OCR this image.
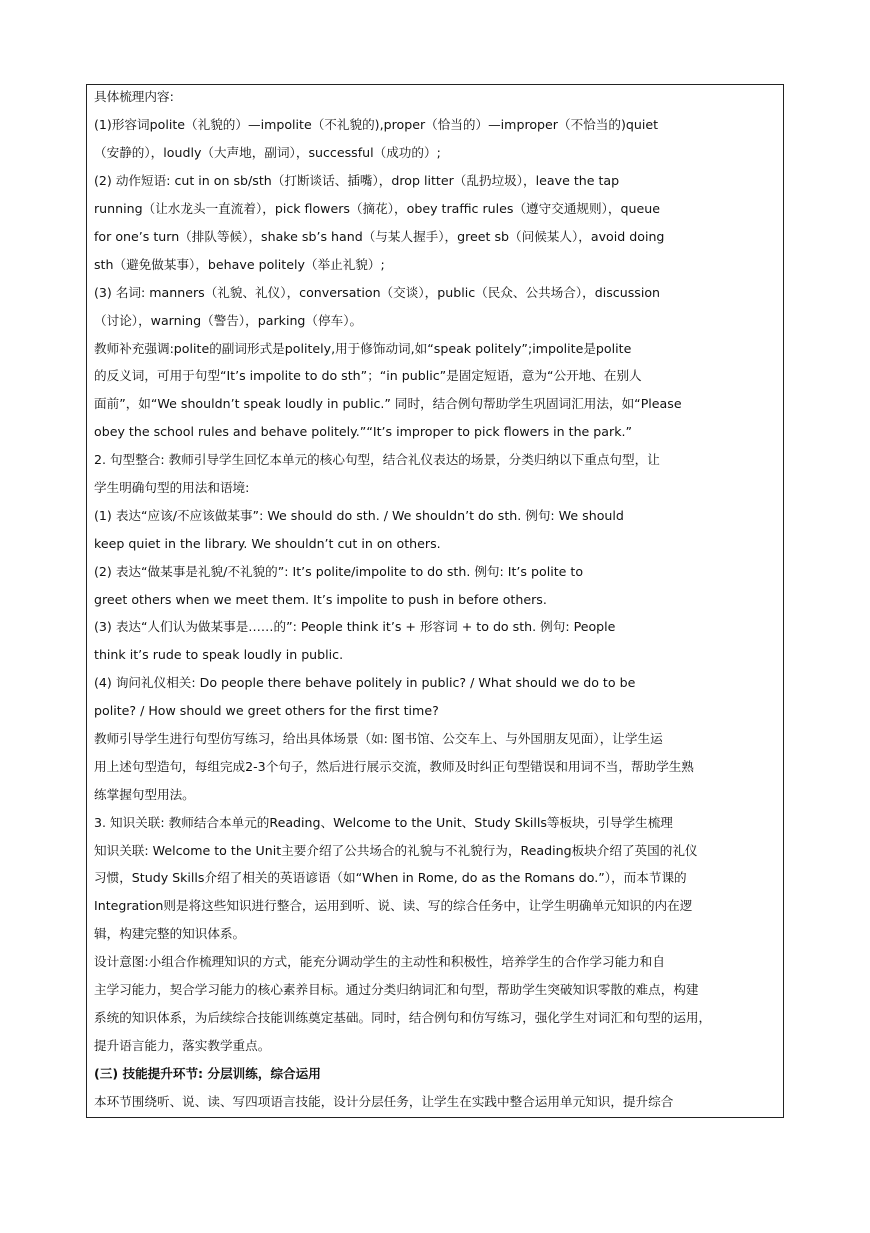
具体梳理内容:
(1)形容词polite（礼貌的）—impolite（不礼貌的),proper（恰当的）—improper（不恰当的)quiet
（安静的），loudly（大声地，副词），successful（成功的）;
(2) 动作短语: cut in on sb/sth（打断谈话、插嘴），drop litter（乱扔垃圾），leave the tap
running（让水龙头一直流着），pick flowers（摘花），obey traffic rules（遵守交通规则），queue
for one’s turn（排队等候），shake sb’s hand（与某人握手），greet sb（问候某人），avoid doing
sth（避免做某事），behave politely（举止礼貌）;
(3) 名词: manners（礼貌、礼仪），conversation（交谈），public（民众、公共场合），discussion
（讨论），warning（警告），parking（停车）。
教师补充强调:polite的副词形式是politely,用于修饰动词,如“speak politely”;impolite是polite
的反义词，可用于句型“It’s impolite to do sth”；“in public”是固定短语，意为“公开地、在别人
面前”，如“We shouldn’t speak loudly in public.” 同时，结合例句帮助学生巩固词汇用法，如“Please
obey the school rules and behave politely.”“It’s improper to pick flowers in the park.”
2. 句型整合: 教师引导学生回忆本单元的核心句型，结合礼仪表达的场景，分类归纳以下重点句型，让
学生明确句型的用法和语境:
(1) 表达“应该/不应该做某事”: We should do sth. / We shouldn’t do sth. 例句: We should
keep quiet in the library. We shouldn’t cut in on others.
(2) 表达“做某事是礼貌/不礼貌的”: It’s polite/impolite to do sth. 例句: It’s polite to
greet others when we meet them. It’s impolite to push in before others.
(3) 表达“人们认为做某事是……的”: People think it’s + 形容词 + to do sth. 例句: People
think it’s rude to speak loudly in public.
(4) 询问礼仪相关: Do people there behave politely in public? / What should we do to be
polite? / How should we greet others for the first time?
教师引导学生进行句型仿写练习，给出具体场景（如: 图书馆、公交车上、与外国朋友见面），让学生运
用上述句型造句，每组完成2-3个句子，然后进行展示交流，教师及时纠正句型错误和用词不当，帮助学生熟
练掌握句型用法。
3. 知识关联: 教师结合本单元的Reading、Welcome to the Unit、Study Skills等板块，引导学生梳理
知识关联: Welcome to the Unit主要介绍了公共场合的礼貌与不礼貌行为，Reading板块介绍了英国的礼仪
习惯，Study Skills介绍了相关的英语谚语（如“When in Rome, do as the Romans do.”），而本节课的
Integration则是将这些知识进行整合，运用到听、说、读、写的综合任务中，让学生明确单元知识的内在逻
辑，构建完整的知识体系。
设计意图:小组合作梳理知识的方式，能充分调动学生的主动性和积极性，培养学生的合作学习能力和自
主学习能力，契合学习能力的核心素养目标。通过分类归纳词汇和句型，帮助学生突破知识零散的难点，构建
系统的知识体系，为后续综合技能训练奠定基础。同时，结合例句和仿写练习，强化学生对词汇和句型的运用，
提升语言能力，落实教学重点。
(三) 技能提升环节: 分层训练，综合运用
本环节围绕听、说、读、写四项语言技能，设计分层任务，让学生在实践中整合运用单元知识，提升综合
